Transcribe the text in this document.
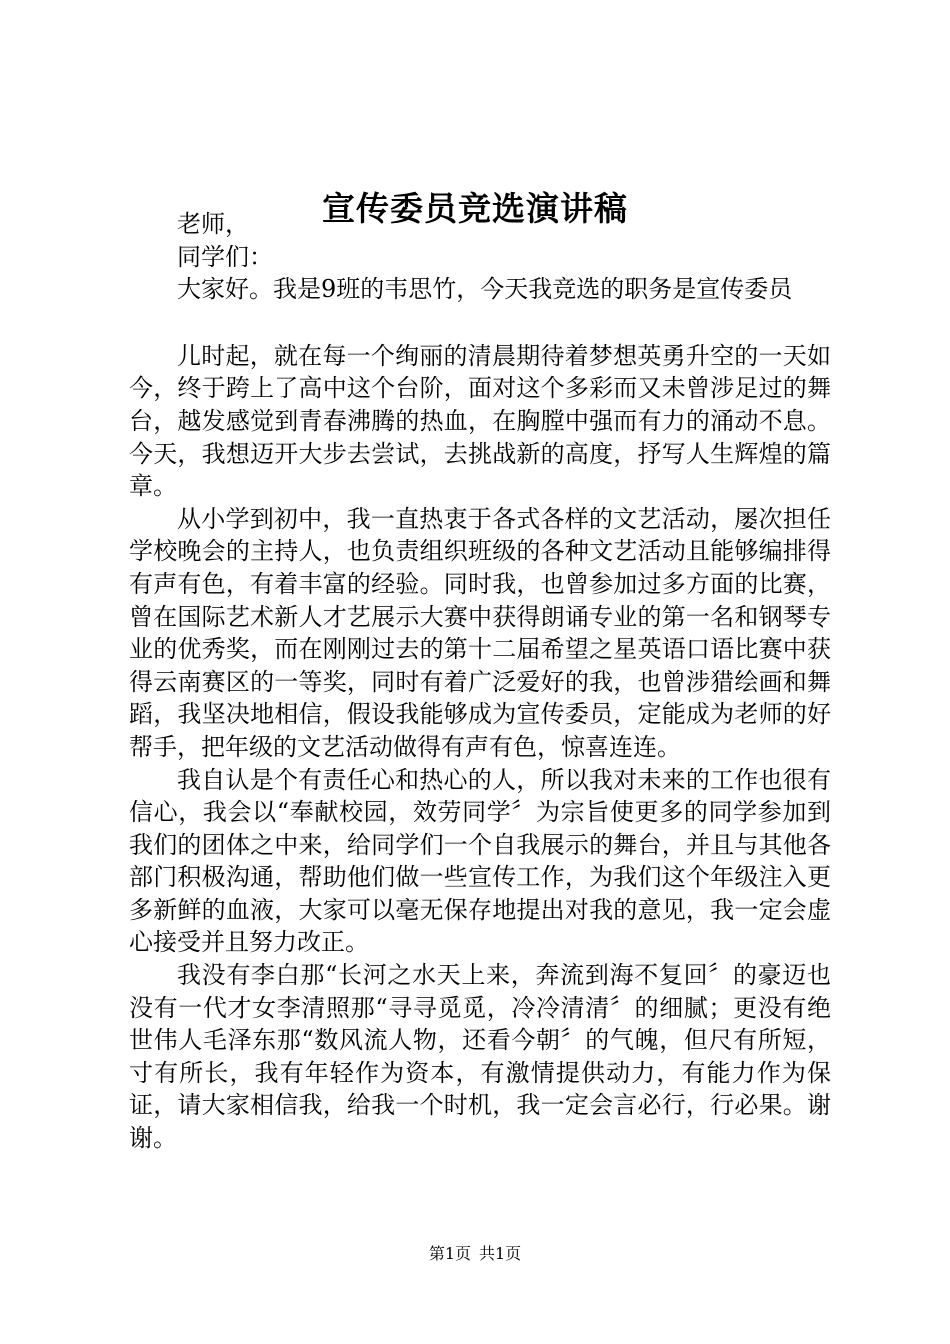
宣传委员竞选演讲稿

老师，

同学们：

大家好。我是9班的韦思竹，今天我竞选的职务是宣传委员

儿时起，就在每一个绚丽的清晨期待着梦想英勇升空的一天如今，终于跨上了高中这个台阶，面对这个多彩而又未曾涉足过的舞台，越发感觉到青春沸腾的热血，在胸膛中强而有力的涌动不息。今天，我想迈开大步去尝试，去挑战新的高度，抒写人生辉煌的篇章。

从小学到初中，我一直热衷于各式各样的文艺活动，屡次担任学校晚会的主持人，也负责组织班级的各种文艺活动且能够编排得有声有色，有着丰富的经验。同时我，也曾参加过多方面的比赛，曾在国际艺术新人才艺展示大赛中获得朗诵专业的第一名和钢琴专业的优秀奖，而在刚刚过去的第十二届希望之星英语口语比赛中获得云南赛区的一等奖，同时有着广泛爱好的我，也曾涉猎绘画和舞蹈，我坚决地相信，假设我能够成为宣传委员，定能成为老师的好帮手，把年级的文艺活动做得有声有色，惊喜连连。

我自认是个有责任心和热心的人，所以我对未来的工作也很有信心，我会以“奉献校园，效劳同学〞为宗旨使更多的同学参加到我们的团体之中来，给同学们一个自我展示的舞台，并且与其他各部门积极沟通，帮助他们做一些宣传工作，为我们这个年级注入更多新鲜的血液，大家可以毫无保存地提出对我的意见，我一定会虚心接受并且努力改正。

我没有李白那“长河之水天上来，奔流到海不复回〞的豪迈也没有一代才女李清照那“寻寻觅觅，冷冷清清〞的细腻；更没有绝世伟人毛泽东那“数风流人物，还看今朝〞的气魄，但尺有所短，寸有所长，我有年轻作为资本，有激情提供动力，有能力作为保证，请大家相信我，给我一个时机，我一定会言必行，行必果。谢谢。

第1页 共1页
